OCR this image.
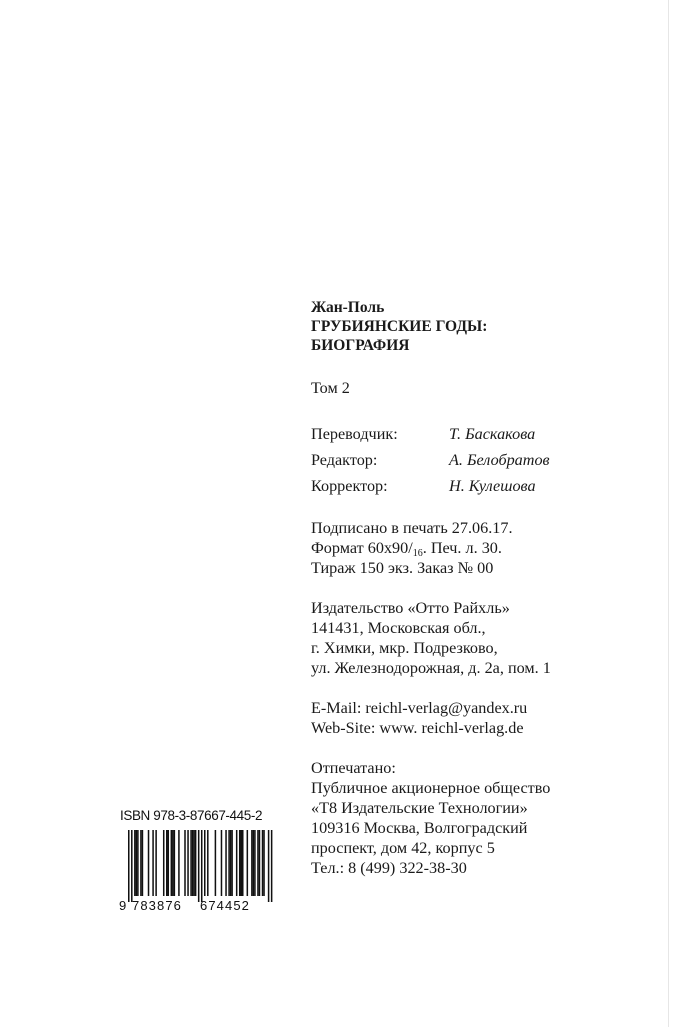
Жан-Поль
ГРУБИЯНСКИЕ ГОДЫ:
БИОГРАФИЯ
Том 2
Переводчик:	Т. Баскакова
Редактор:	А. Белобратов
Корректор:	Н. Кулешова
Подписано в печать 27.06.17.
Формат $60x90/_{16}$. Печ. л. 30.
Тираж 150 экз. Заказ № 00
Издательство «Отто Райхль»
141431, Московская обл.,
г. Химки, мкр. Подрезково,
ул. Железнодорожная, д. 2а, пом. 1
E-Mail: reichl-verlag@yandex.ru
Web-Site: www. reichl-verlag.de
Отпечатано:
Публичное акционерное общество
«Т8 Издательские Технологии»
109316 Москва, Волгоградский
проспект, дом 42, корпус 5
Тел.: 8 (499) 322-38-30
ISBN 978-3-87667-445-2
9 783876 674452
